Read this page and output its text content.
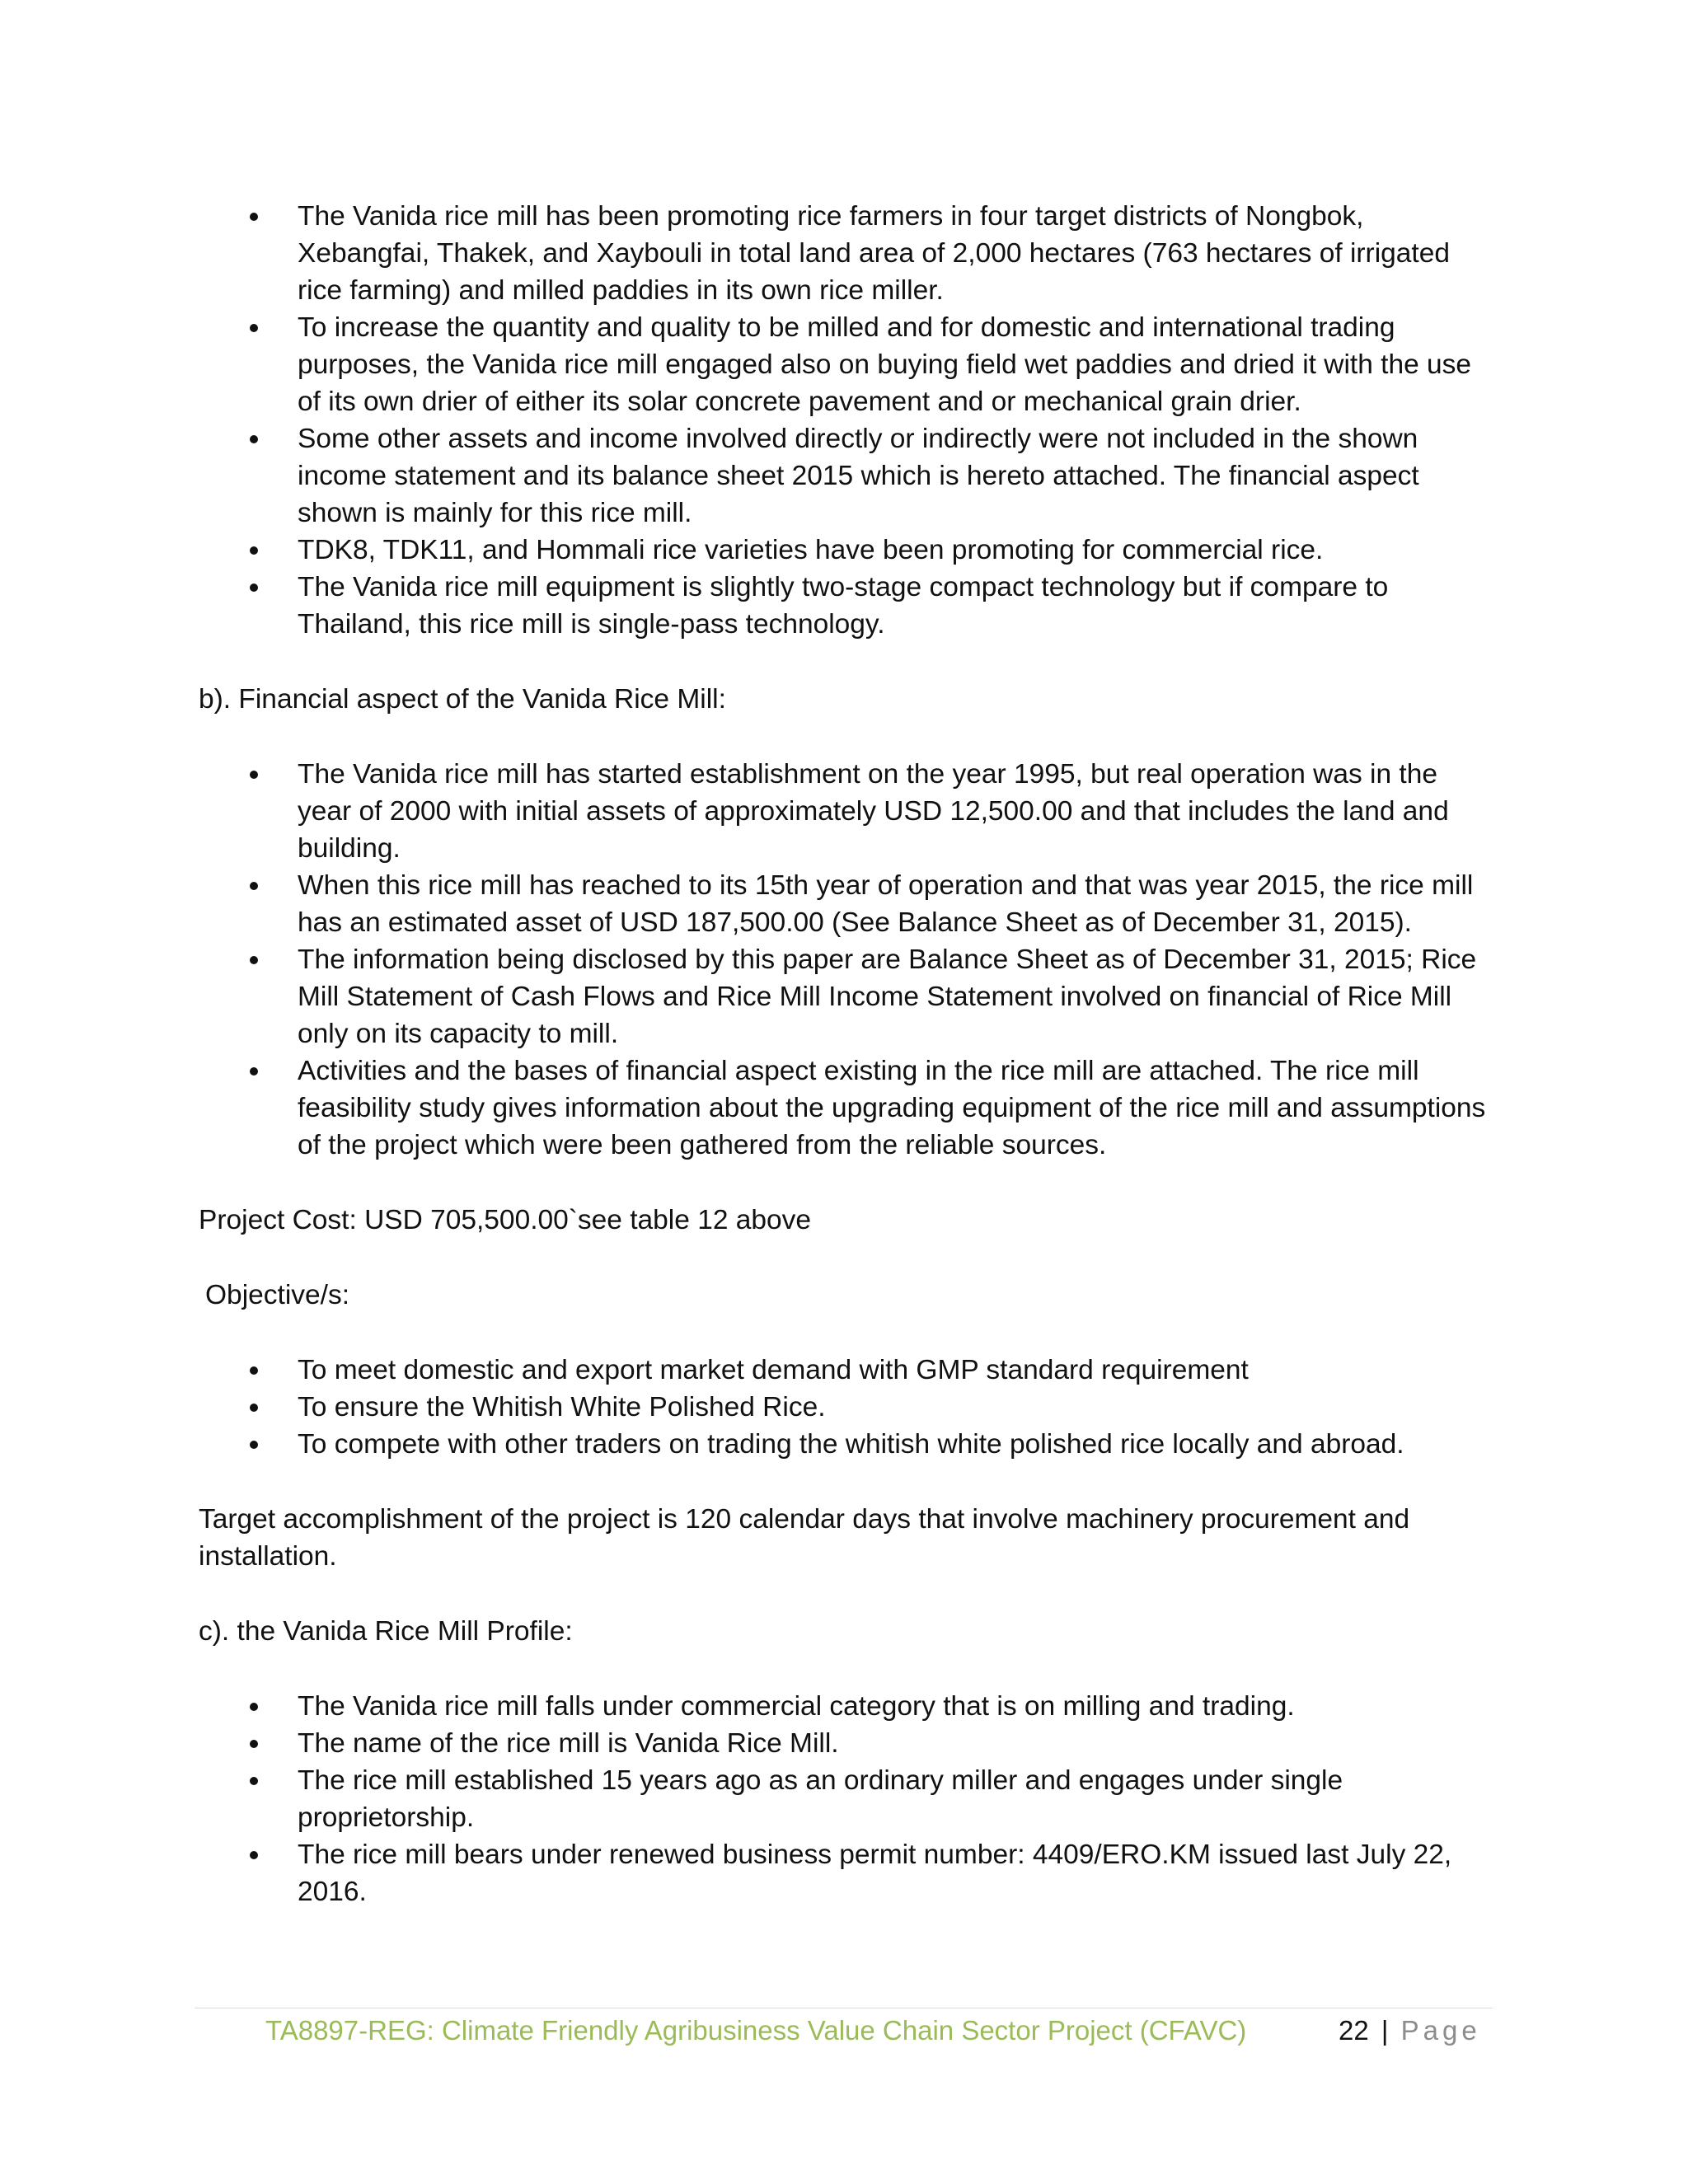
The Vanida rice mill has been promoting rice farmers in four target districts of Nongbok, Xebangfai, Thakek, and Xaybouli in total land area of 2,000 hectares (763 hectares of irrigated rice farming) and milled paddies in its own rice miller.
To increase the quantity and quality to be milled and for domestic and international trading purposes, the Vanida rice mill engaged also on buying field wet paddies and dried it with the use of its own drier of either its solar concrete pavement and or mechanical grain drier.
Some other assets and income involved directly or indirectly were not included in the shown income statement and its balance sheet 2015 which is hereto attached. The financial aspect shown is mainly for this rice mill.
TDK8, TDK11, and Hommali rice varieties have been promoting for commercial rice.
The Vanida rice mill equipment is slightly two-stage compact technology but if compare to Thailand, this rice mill is single-pass technology.

b). Financial aspect of the Vanida Rice Mill:

The Vanida rice mill has started establishment on the year 1995, but real operation was in the year of 2000 with initial assets of approximately USD 12,500.00 and that includes the land and building.
When this rice mill has reached to its 15th year of operation and that was year 2015, the rice mill has an estimated asset of USD 187,500.00 (See Balance Sheet as of December 31, 2015).
The information being disclosed by this paper are Balance Sheet as of December 31, 2015; Rice Mill Statement of Cash Flows and Rice Mill Income Statement involved on financial of Rice Mill only on its capacity to mill.
Activities and the bases of financial aspect existing in the rice mill are attached. The rice mill feasibility study gives information about the upgrading equipment of the rice mill and assumptions of the project which were been gathered from the reliable sources.

Project Cost: USD 705,500.00`see table 12 above

Objective/s:

To meet domestic and export market demand with GMP standard requirement
To ensure the Whitish White Polished Rice.
To compete with other traders on trading the whitish white polished rice locally and abroad.

Target accomplishment of the project is 120 calendar days that involve machinery procurement and installation.

c). the Vanida Rice Mill Profile:

The Vanida rice mill falls under commercial category that is on milling and trading.
The name of the rice mill is Vanida Rice Mill.
The rice mill established 15 years ago as an ordinary miller and engages under single proprietorship.
The rice mill bears under renewed business permit number: 4409/ERO.KM issued last July 22, 2016.
TA8897-REG: Climate Friendly Agribusiness Value Chain Sector Project (CFAVC)	22 | Page
